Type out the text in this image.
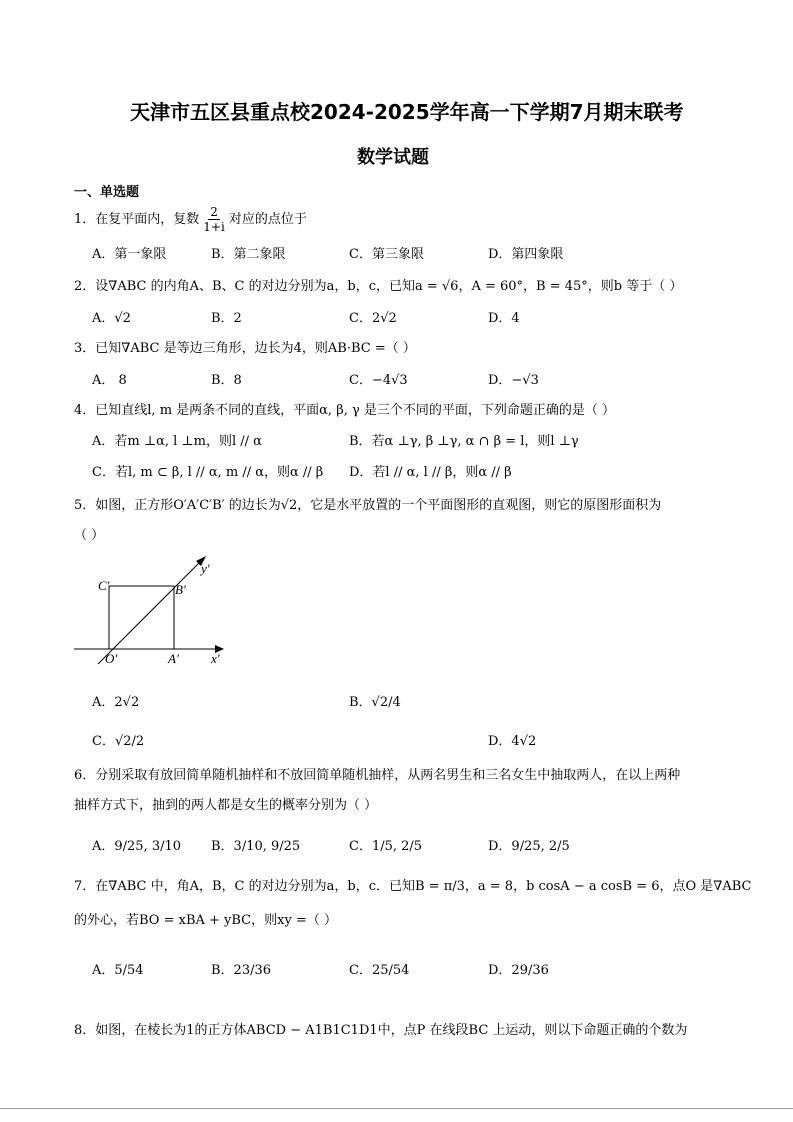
天津市五区县重点校2024-2025学年高一下学期7月期末联考
数学试题
一、单选题
1．在复平面内，复数 $\frac{2}{1+i}$ 对应的点位于
A．第一象限	B．第二象限	C．第三象限	D．第四象限
2．设∇ABC 的内角A、B、C 的对边分别为a，b，c，已知a = √6，A = 60°，B = 45°，则b 等于（ ）
A．√2	B．2	C．2√2	D．4
3．已知∇ABC 是等边三角形，边长为4，则AB·BC =（ ）
A． 8	B．8	C．−4√3	D．−√3
4．已知直线l, m 是两条不同的直线，平面α, β, γ 是三个不同的平面，下列命题正确的是（ ）
A．若m ⊥α, l ⊥m，则l // α	B．若α ⊥γ, β ⊥γ, α ∩ β = l，则l ⊥γ
C．若l, m ⊂ β, l // α, m // α，则α // β D．若l // α, l // β，则α // β
5．如图，正方形O′A′C′B′ 的边长为√2，它是水平放置的一个平面图形的直观图，则它的原图形面积为
（ ）
C′	B′
O′	A′ x′
y′
A．2√2	B．√2/4
C．√2/2	D．4√2
6．分别采取有放回简单随机抽样和不放回简单随机抽样，从两名男生和三名女生中抽取两人，在以上两种
抽样方式下，抽到的两人都是女生的概率分别为（ ）
A．9/25, 3/10 B．3/10, 9/25	C．1/5, 2/5	D．9/25, 2/5
7．在∇ABC 中，角A，B，C 的对边分别为a，b，c．已知B = π/3，a = 8，b cosA − a cosB = 6，点O 是∇ABC
的外心，若BO = xBA + yBC，则xy =（ ）
A．5/54	B．23/36	C．25/54	D．29/36
8．如图，在棱长为1的正方体ABCD − A1B1C1D1中，点P 在线段BC 上运动，则以下命题正确的个数为
